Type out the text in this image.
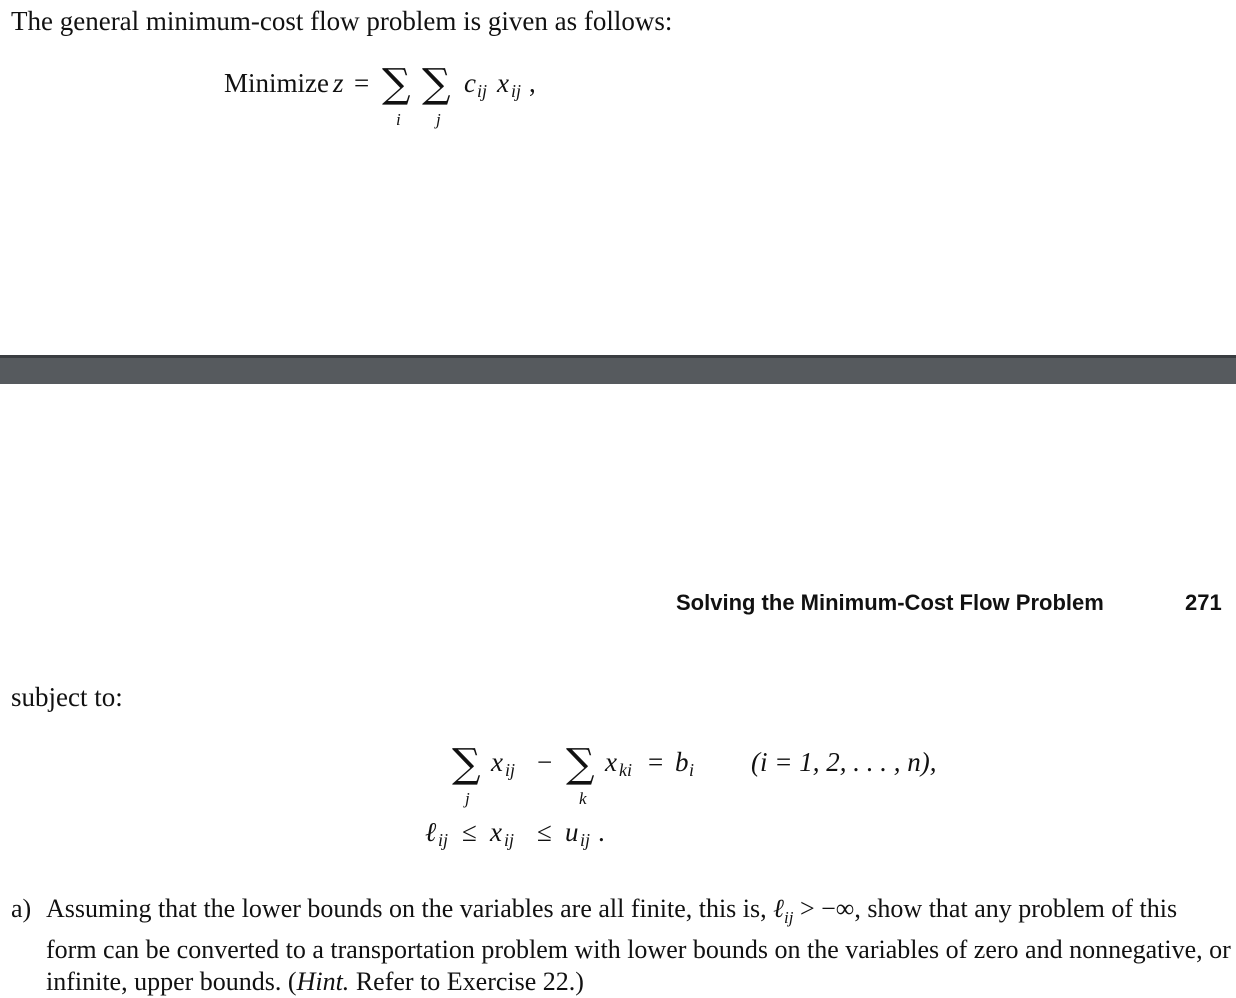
The general minimum-cost flow problem is given as follows:
Minimize z = ∑ ∑
i j
c ij x ij ,
Solving the Minimum-Cost Flow Problem	271
subject to:
∑
j
x ij − ∑
k
x ki = b i (i = 1, 2, . . . , n),
ℓ ij ≤ x ij ≤ u ij .
a) Assuming that the lower bounds on the variables are all finite, this is, ℓ$_{ij}$ > −∞, show that any problem of this form can be converted to a transportation problem with lower bounds on the variables of zero and nonnegative, or infinite, upper bounds. (Hint. Refer to Exercise 22.)
